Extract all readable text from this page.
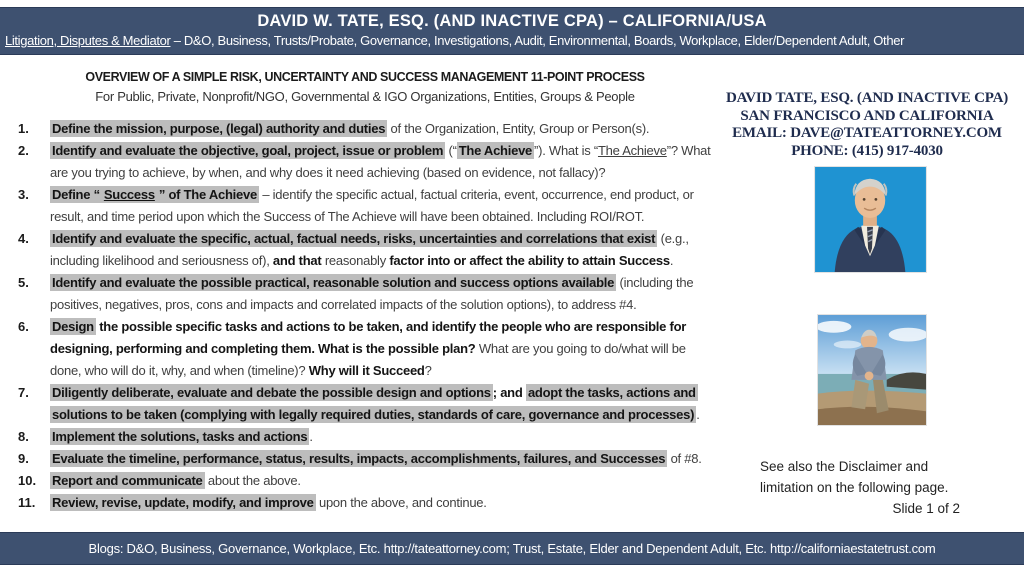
DAVID W. TATE, ESQ. (AND INACTIVE CPA) – CALIFORNIA/USA
Litigation, Disputes & Mediator – D&O, Business, Trusts/Probate, Governance, Investigations, Audit, Environmental, Boards, Workplace, Elder/Dependent Adult, Other
OVERVIEW OF A SIMPLE RISK, UNCERTAINTY AND SUCCESS MANAGEMENT 11-POINT PROCESS
For Public, Private, Nonprofit/NGO, Governmental & IGO Organizations, Entities, Groups & People
1. Define the mission, purpose, (legal) authority and duties of the Organization, Entity, Group or Person(s).
2. Identify and evaluate the objective, goal, project, issue or problem (“ The Achieve ”). What is “The Achieve”? What are you trying to achieve, by when, and why does it need achieving (based on evidence, not fallacy)?
3. Define “ Success ” of The Achieve – identify the specific actual, factual criteria, event, occurrence, end product, or result, and time period upon which the Success of The Achieve will have been obtained. Including ROI/ROT.
4. Identify and evaluate the specific, actual, factual needs, risks, uncertainties and correlations that exist (e.g., including likelihood and seriousness of), and that reasonably factor into or affect the ability to attain Success.
5. Identify and evaluate the possible practical, reasonable solution and success options available (including the positives, negatives, pros, cons and impacts and correlated impacts of the solution options), to address #4.
6. Design the possible specific tasks and actions to be taken, and identify the people who are responsible for designing, performing and completing them. What is the possible plan? What are you going to do/what will be done, who will do it, why, and when (timeline)? Why will it Succeed?
7. Diligently deliberate, evaluate and debate the possible design and options ; and adopt the tasks, actions and solutions to be taken (complying with legally required duties, standards of care, governance and processes) .
8. Implement the solutions, tasks and actions .
9. Evaluate the timeline, performance, status, results, impacts, accomplishments, failures, and Successes of #8.
10. Report and communicate about the above.
11. Review, revise, update, modify, and improve upon the above, and continue.
DAVID TATE, ESQ. (AND INACTIVE CPA)
SAN FRANCISCO AND CALIFORNIA
EMAIL: DAVE@TATEATTORNEY.COM
PHONE: (415) 917-4030
See also the Disclaimer and limitation on the following page.
Slide 1 of 2
Blogs: D&O, Business, Governance, Workplace, Etc. http://tateattorney.com; Trust, Estate, Elder and Dependent Adult, Etc. http://californiaestatetrust.com
